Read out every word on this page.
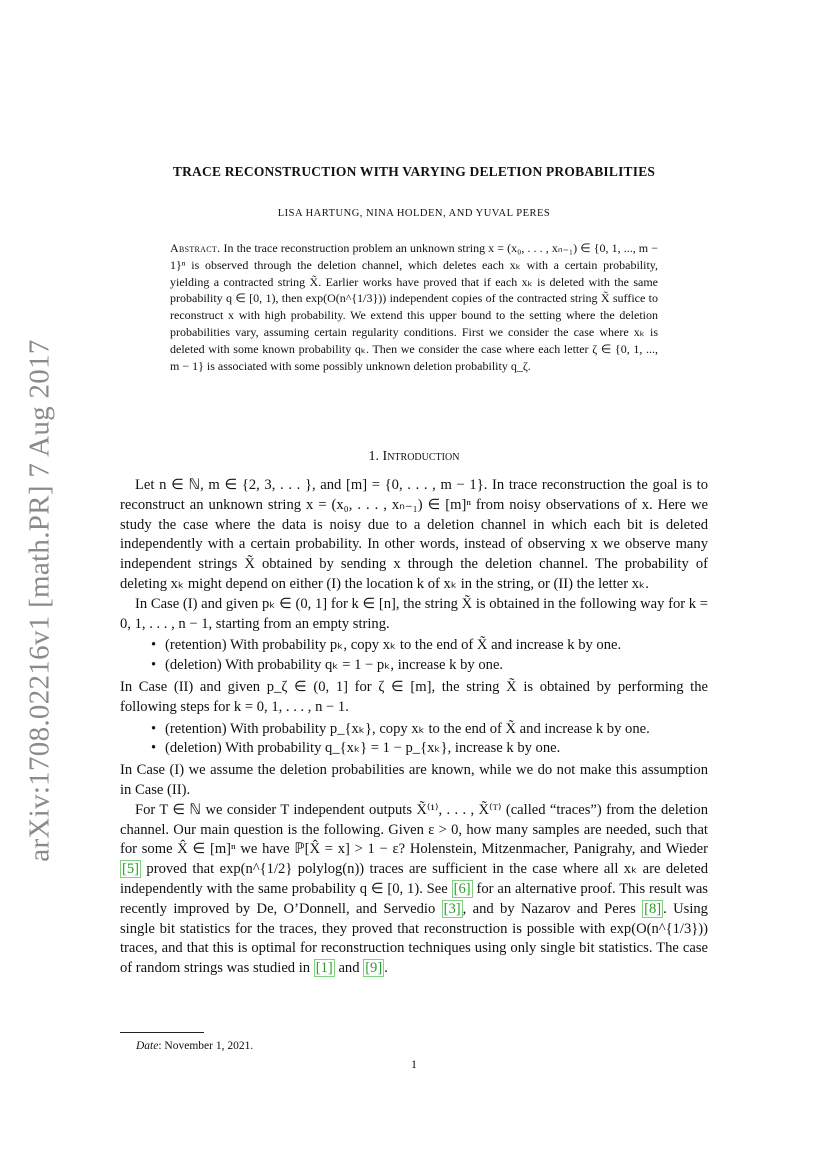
arXiv:1708.02216v1 [math.PR] 7 Aug 2017
TRACE RECONSTRUCTION WITH VARYING DELETION PROBABILITIES
LISA HARTUNG, NINA HOLDEN, AND YUVAL PERES
Abstract. In the trace reconstruction problem an unknown string x = (x₀, . . . , xₙ₋₁) ∈ {0, 1, ..., m − 1}ⁿ is observed through the deletion channel, which deletes each xₖ with a certain probability, yielding a contracted string X̃. Earlier works have proved that if each xₖ is deleted with the same probability q ∈ [0, 1), then exp(O(n^{1/3})) independent copies of the contracted string X̃ suffice to reconstruct x with high probability. We extend this upper bound to the setting where the deletion probabilities vary, assuming certain regularity conditions. First we consider the case where xₖ is deleted with some known probability qₖ. Then we consider the case where each letter ζ ∈ {0, 1, ..., m − 1} is associated with some possibly unknown deletion probability q_ζ.
1. Introduction

Let n ∈ ℕ, m ∈ {2, 3, . . . }, and [m] = {0, . . . , m − 1}. In trace reconstruction the goal is to reconstruct an unknown string x = (x₀, . . . , xₙ₋₁) ∈ [m]ⁿ from noisy observations of x. Here we study the case where the data is noisy due to a deletion channel in which each bit is deleted independently with a certain probability. In other words, instead of observing x we observe many independent strings X̃ obtained by sending x through the deletion channel. The probability of deleting xₖ might depend on either (I) the location k of xₖ in the string, or (II) the letter xₖ.

In Case (I) and given pₖ ∈ (0, 1] for k ∈ [n], the string X̃ is obtained in the following way for k = 0, 1, . . . , n − 1, starting from an empty string.

• (retention) With probability pₖ, copy xₖ to the end of X̃ and increase k by one.
• (deletion) With probability qₖ = 1 − pₖ, increase k by one.

In Case (II) and given p_ζ ∈ (0, 1] for ζ ∈ [m], the string X̃ is obtained by performing the following steps for k = 0, 1, . . . , n − 1.

• (retention) With probability p_{xₖ}, copy xₖ to the end of X̃ and increase k by one.
• (deletion) With probability q_{xₖ} = 1 − p_{xₖ}, increase k by one.

In Case (I) we assume the deletion probabilities are known, while we do not make this assumption in Case (II).

For T ∈ ℕ we consider T independent outputs X̃⁽¹⁾, . . . , X̃⁽ᵀ⁾ (called “traces”) from the deletion channel. Our main question is the following. Given ε > 0, how many samples are needed, such that for some X̂ ∈ [m]ⁿ we have ℙ[X̂ = x] > 1 − ε? Holenstein, Mitzenmacher, Panigrahy, and Wieder [5] proved that exp(n^{1/2} polylog(n)) traces are sufficient in the case where all xₖ are deleted independently with the same probability q ∈ [0, 1). See [6] for an alternative proof. This result was recently improved by De, O’Donnell, and Servedio [3] , and by Nazarov and Peres [8] . Using single bit statistics for the traces, they proved that reconstruction is possible with exp(O(n^{1/3})) traces, and that this is optimal for reconstruction techniques using only single bit statistics. The case of random strings was studied in [1] and [9] .

Date: November 1, 2021.
1
